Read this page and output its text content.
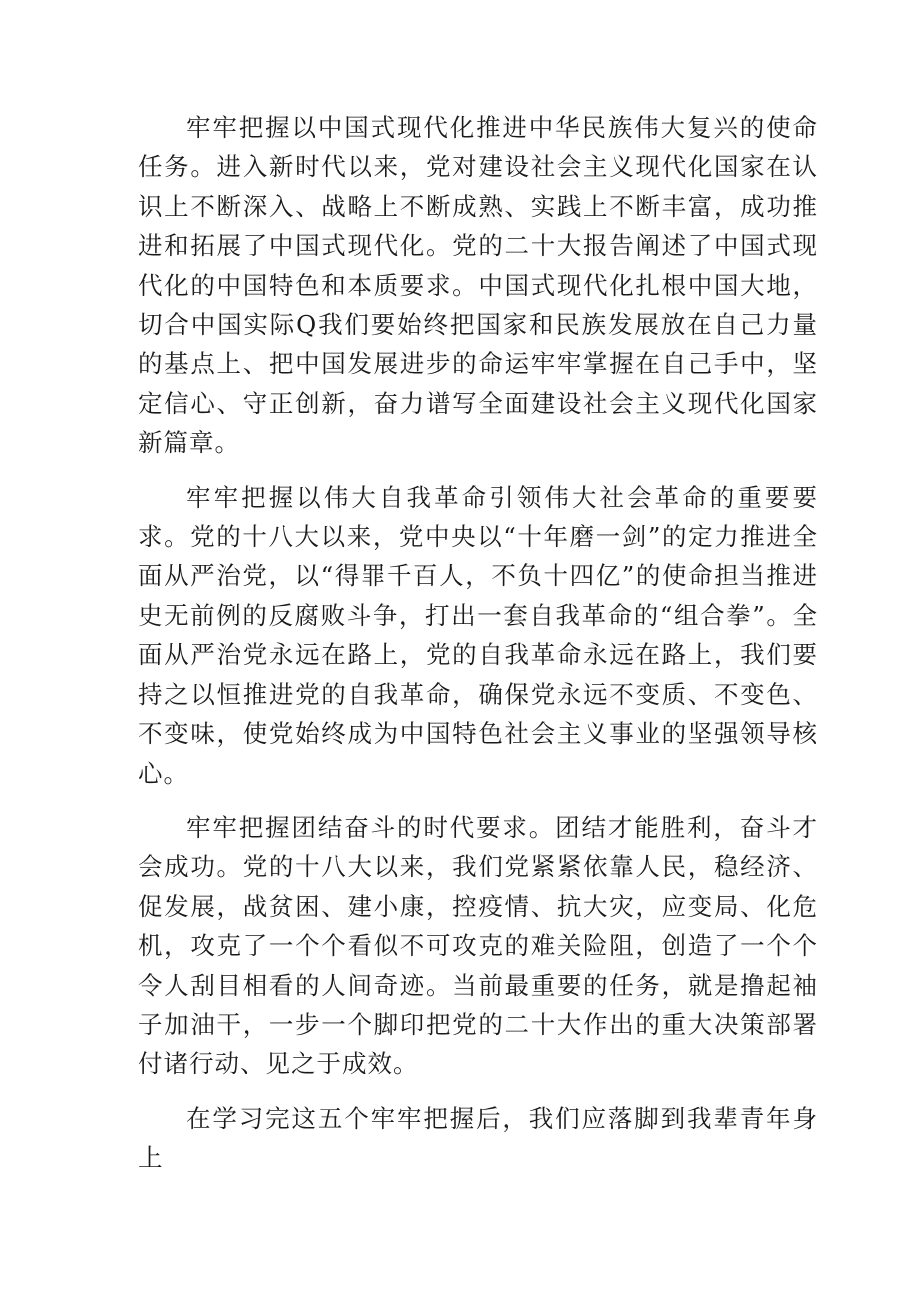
牢牢把握以中国式现代化推进中华民族伟大复兴的使命任务。进入新时代以来，党对建设社会主义现代化国家在认识上不断深入、战略上不断成熟、实践上不断丰富，成功推进和拓展了中国式现代化。党的二十大报告阐述了中国式现代化的中国特色和本质要求。中国式现代化扎根中国大地，切合中国实际Q我们要始终把国家和民族发展放在自己力量的基点上、把中国发展进步的命运牢牢掌握在自己手中，坚定信心、守正创新，奋力谱写全面建设社会主义现代化国家新篇章。

牢牢把握以伟大自我革命引领伟大社会革命的重要要求。党的十八大以来，党中央以“十年磨一剑”的定力推进全面从严治党，以“得罪千百人，不负十四亿”的使命担当推进史无前例的反腐败斗争，打出一套自我革命的“组合拳”。全面从严治党永远在路上，党的自我革命永远在路上，我们要持之以恒推进党的自我革命，确保党永远不变质、不变色、不变味，使党始终成为中国特色社会主义事业的坚强领导核心。

牢牢把握团结奋斗的时代要求。团结才能胜利，奋斗才会成功。党的十八大以来，我们党紧紧依靠人民，稳经济、促发展，战贫困、建小康，控疫情、抗大灾，应变局、化危机，攻克了一个个看似不可攻克的难关险阻，创造了一个个令人刮目相看的人间奇迹。当前最重要的任务，就是撸起袖子加油干，一步一个脚印把党的二十大作出的重大决策部署付诸行动、见之于成效。

在学习完这五个牢牢把握后，我们应落脚到我辈青年身上
